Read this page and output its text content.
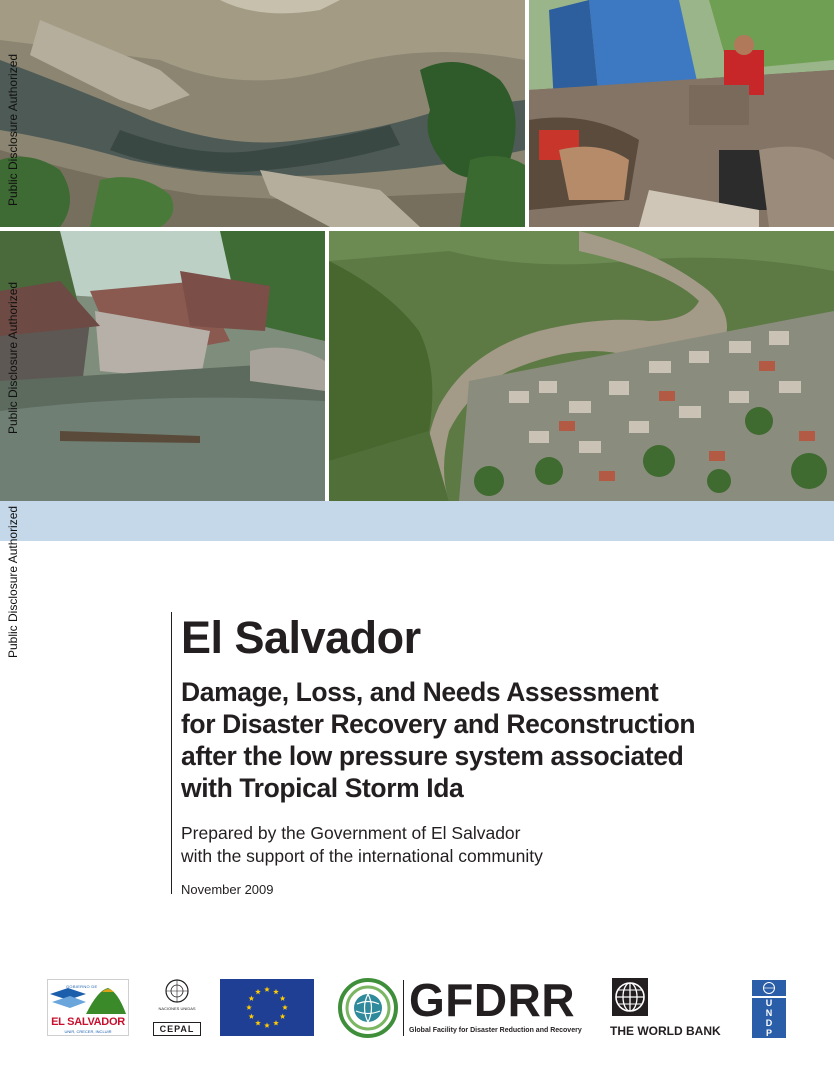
Public Disclosure Authorized
Public Disclosure Authorized
Public Disclosure Authorized	El Salvador
Damage, Loss, and Needs Assessment
for Disaster Recovery and Reconstruction
after the low pressure system associated
with Tropical Storm Ida
Prepared by the Government of El Salvador
with the support of the international community
November 2009
GOBIERNO DE
EL SALVADOR
UNIR, CRECER, INCLUIR
NACIONES UNIDAS
CEPAL
GFDRR
Global Facility for Disaster Reduction and Recovery THE WORLD BANK
U
N
D
P
